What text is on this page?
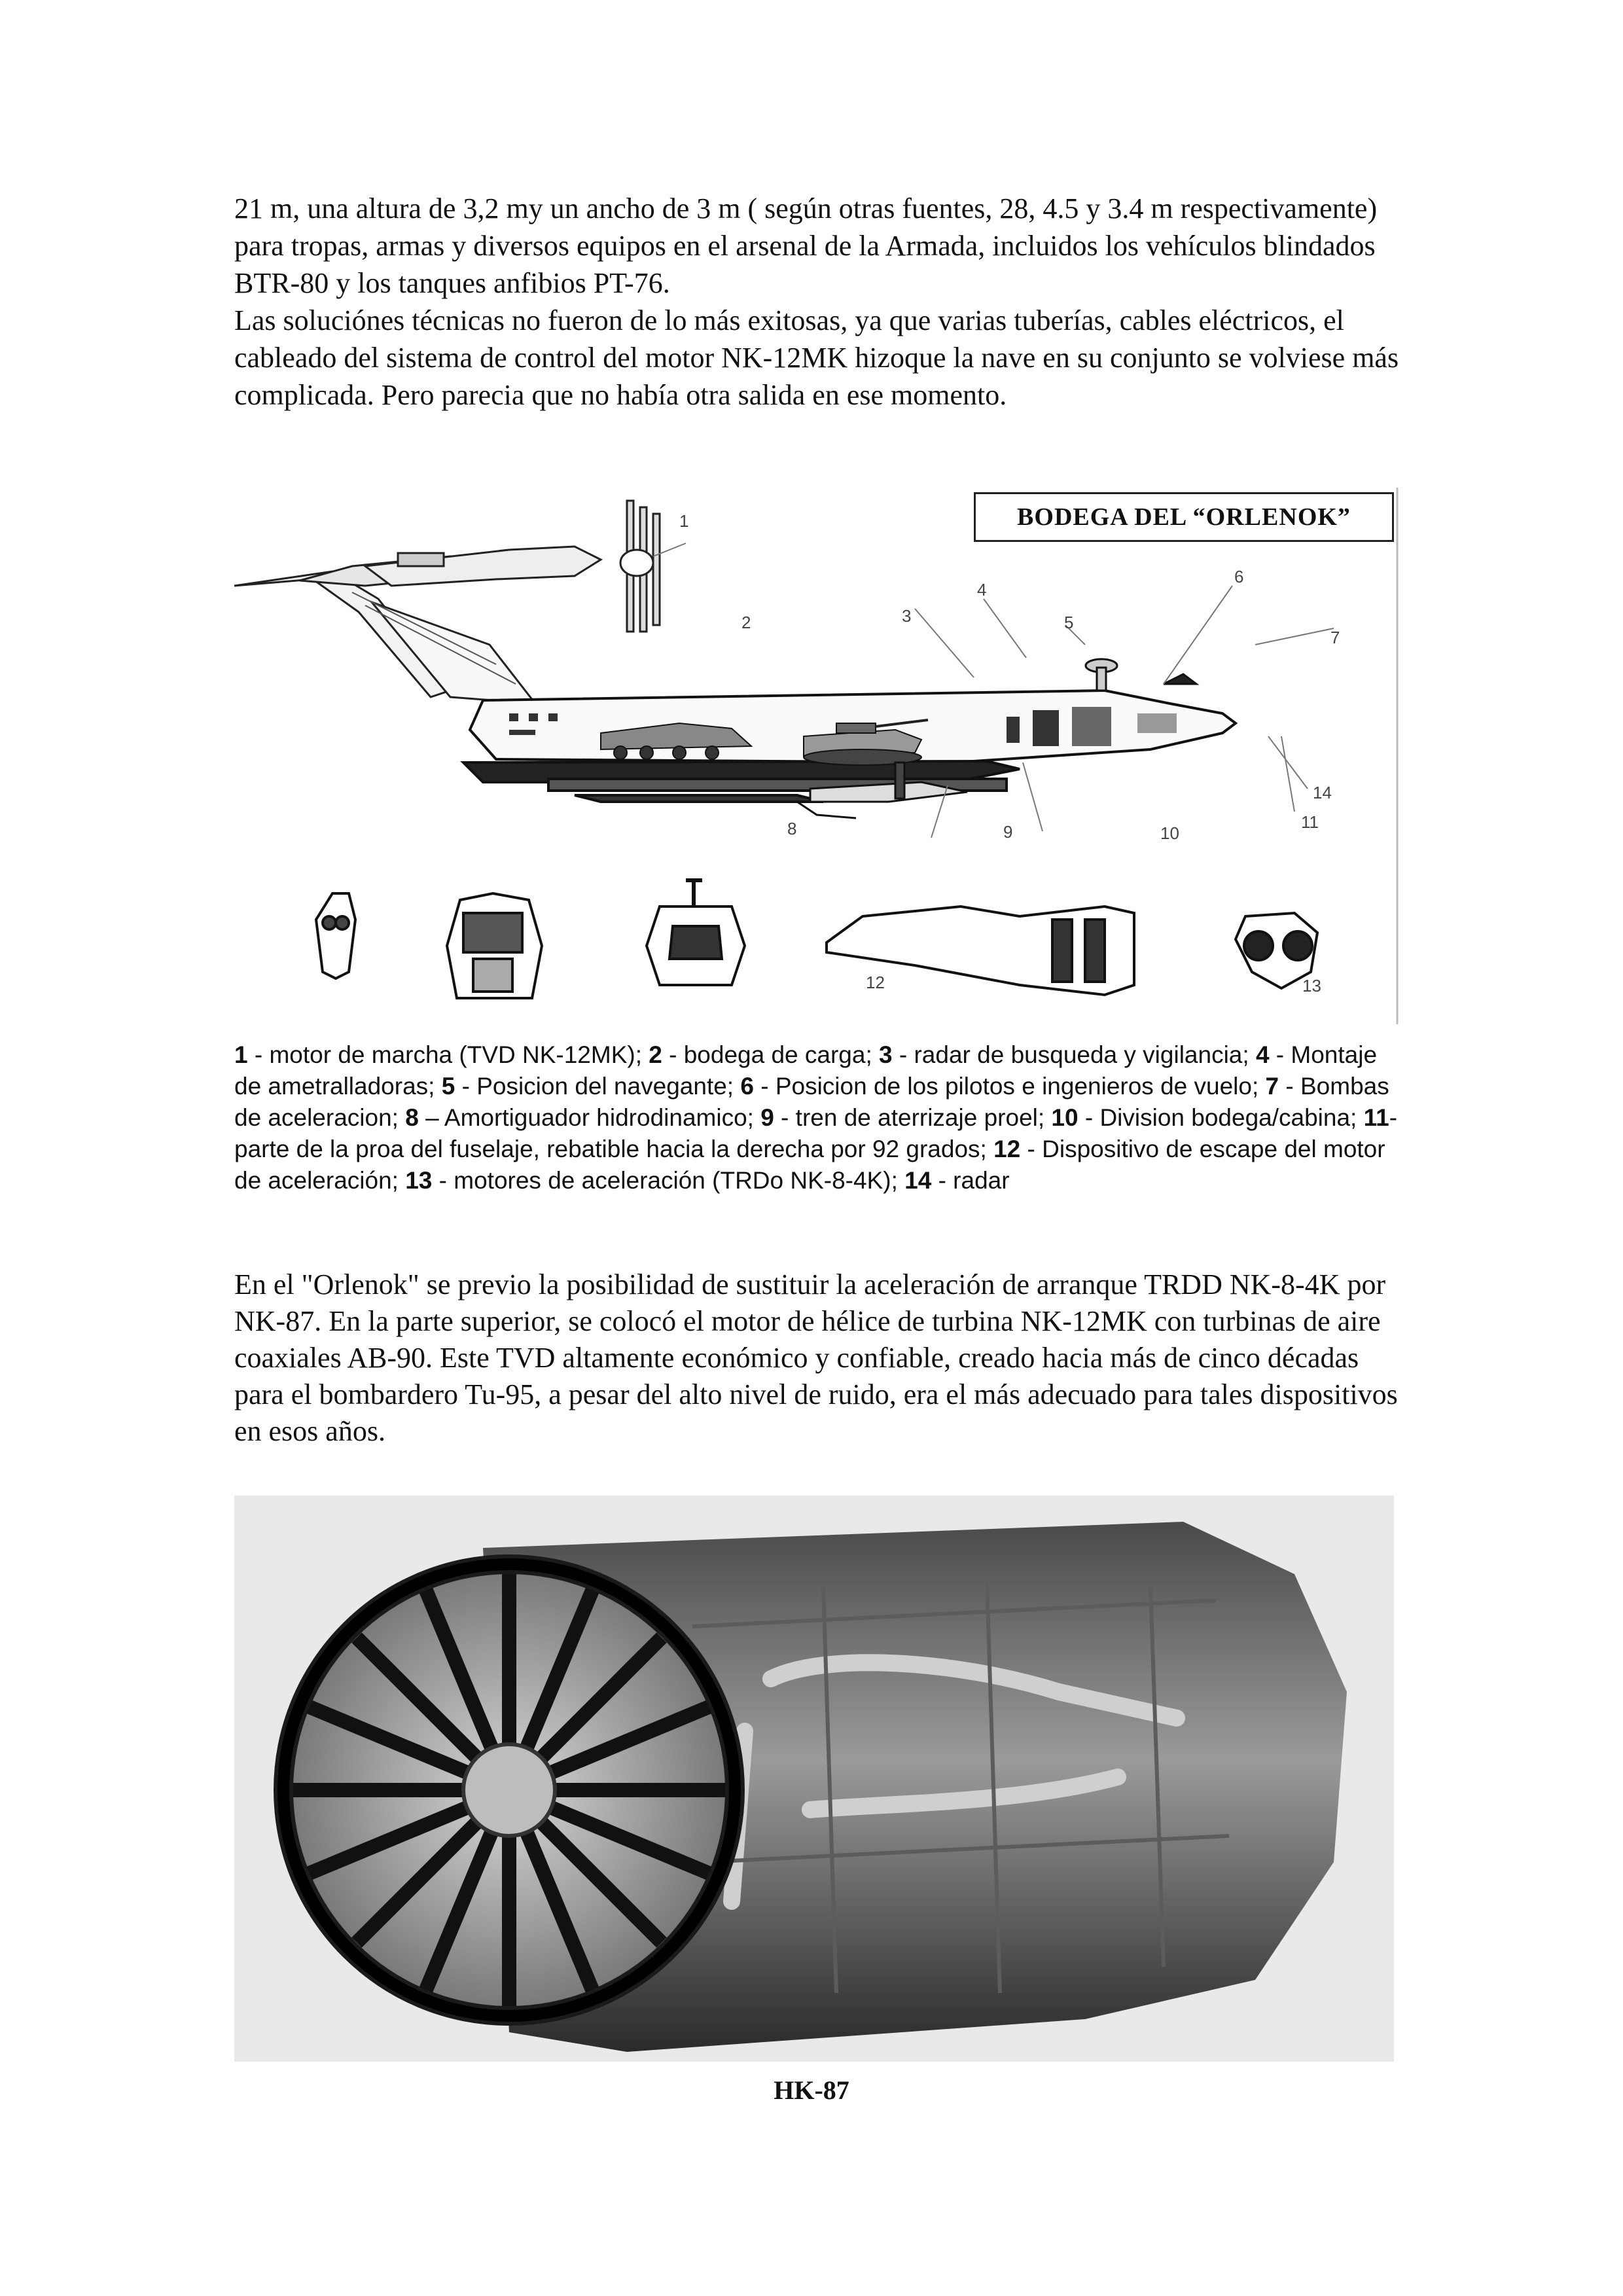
21 m, una altura de 3,2 my un ancho de 3 m ( según otras fuentes, 28, 4.5 y 3.4 m respectivamente) para tropas, armas y diversos equipos en el arsenal de la Armada, incluidos los vehículos blindados BTR-80 y los tanques anfibios PT-76.
Las soluciónes técnicas no fueron de lo más exitosas, ya que varias tuberías, cables eléctricos, el cableado del sistema de control del motor NK-12MK hizoque la nave en su conjunto se volviese más complicada. Pero parecia que no había otra salida en ese momento.
1
2	3
4
5
6
7
8	9	10
11
12	13
14
BODEGA DEL “ORLENOK”

1 - motor de marcha (TVD NK-12MK); 2 - bodega de carga; 3 - radar de busqueda y vigilancia; 4 - Montaje de ametralladoras; 5 - Posicion del navegante; 6 - Posicion de los pilotos e ingenieros de vuelo; 7 - Bombas de aceleracion; 8 – Amortiguador hidrodinamico; 9 - tren de aterrizaje proel; 10 - Division bodega/cabina; 11- parte de la proa del fuselaje, rebatible hacia la derecha por 92 grados; 12 - Dispositivo de escape del motor de aceleración; 13 - motores de aceleración (TRDo NK-8-4K); 14 - radar

En el "Orlenok" se previo la posibilidad de sustituir la aceleración de arranque TRDD NK-8-4K por NK-87. En la parte superior, se colocó el motor de hélice de turbina NK-12MK con turbinas de aire coaxiales AB-90. Este TVD altamente económico y confiable, creado hacia más de cinco décadas para el bombardero Tu-95, a pesar del alto nivel de ruido, era el más adecuado para tales dispositivos en esos años.

HK-87
